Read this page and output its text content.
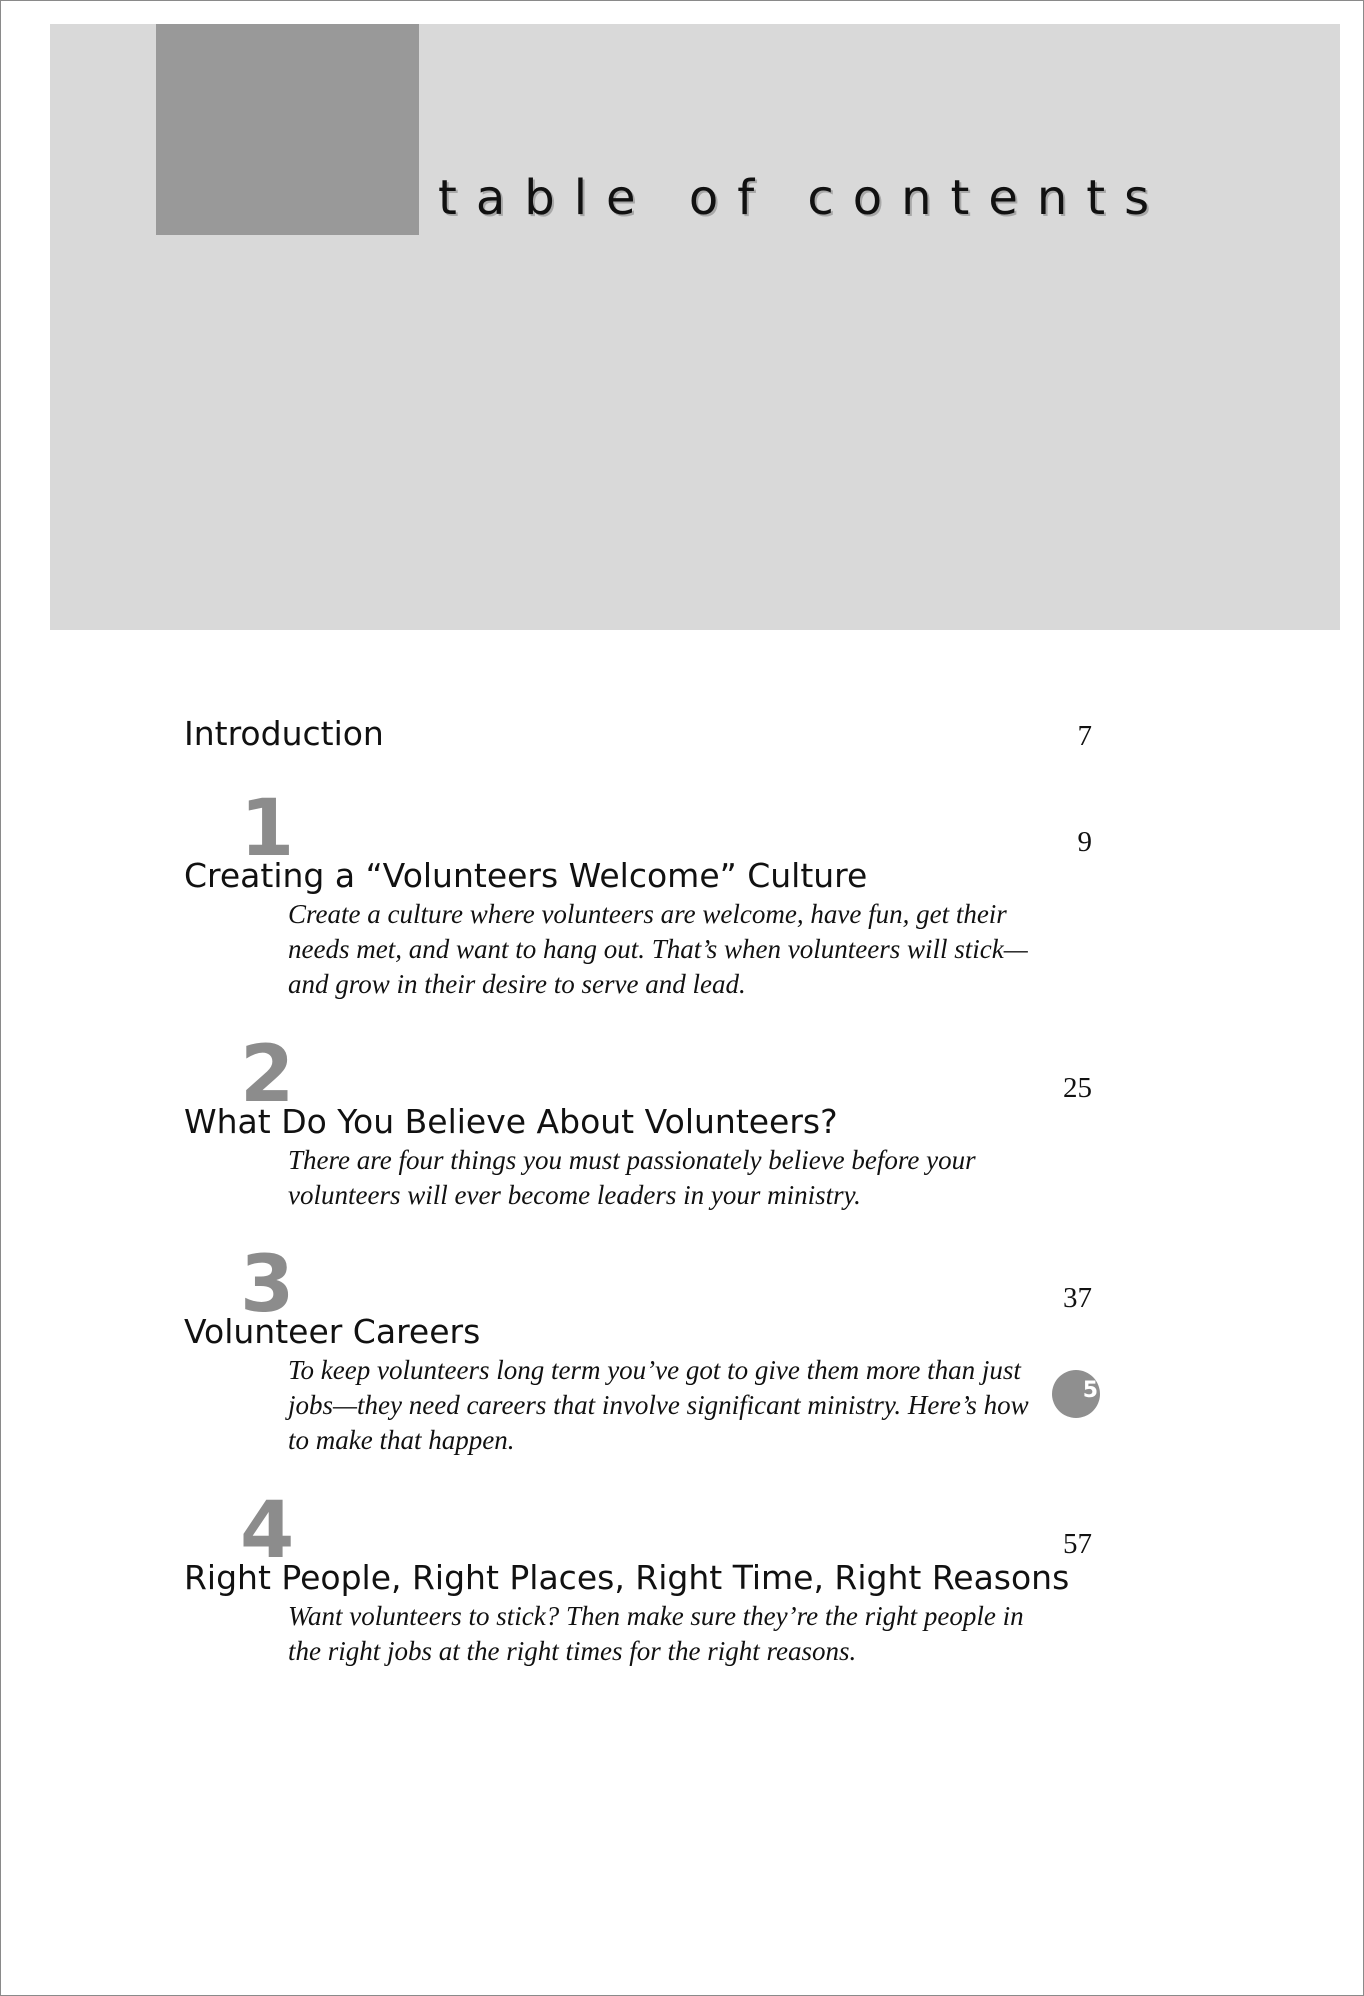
table of contents
Introduction	7
1	9
Creating a “Volunteers Welcome” Culture
Create a culture where volunteers are welcome, have fun, get their needs met, and want to hang out. That’s when volunteers will stick—and grow in their desire to serve and lead.
2	25
What Do You Believe About Volunteers?
There are four things you must passionately believe before your volunteers will ever become leaders in your ministry.
3	37
Volunteer Careers
To keep volunteers long term you’ve got to give them more than just jobs—they need careers that involve significant ministry. Here’s how to make that happen.
4	57
Right People, Right Places, Right Time, Right Reasons
Want volunteers to stick? Then make sure they’re the right people in the right jobs at the right times for the right reasons.
5
